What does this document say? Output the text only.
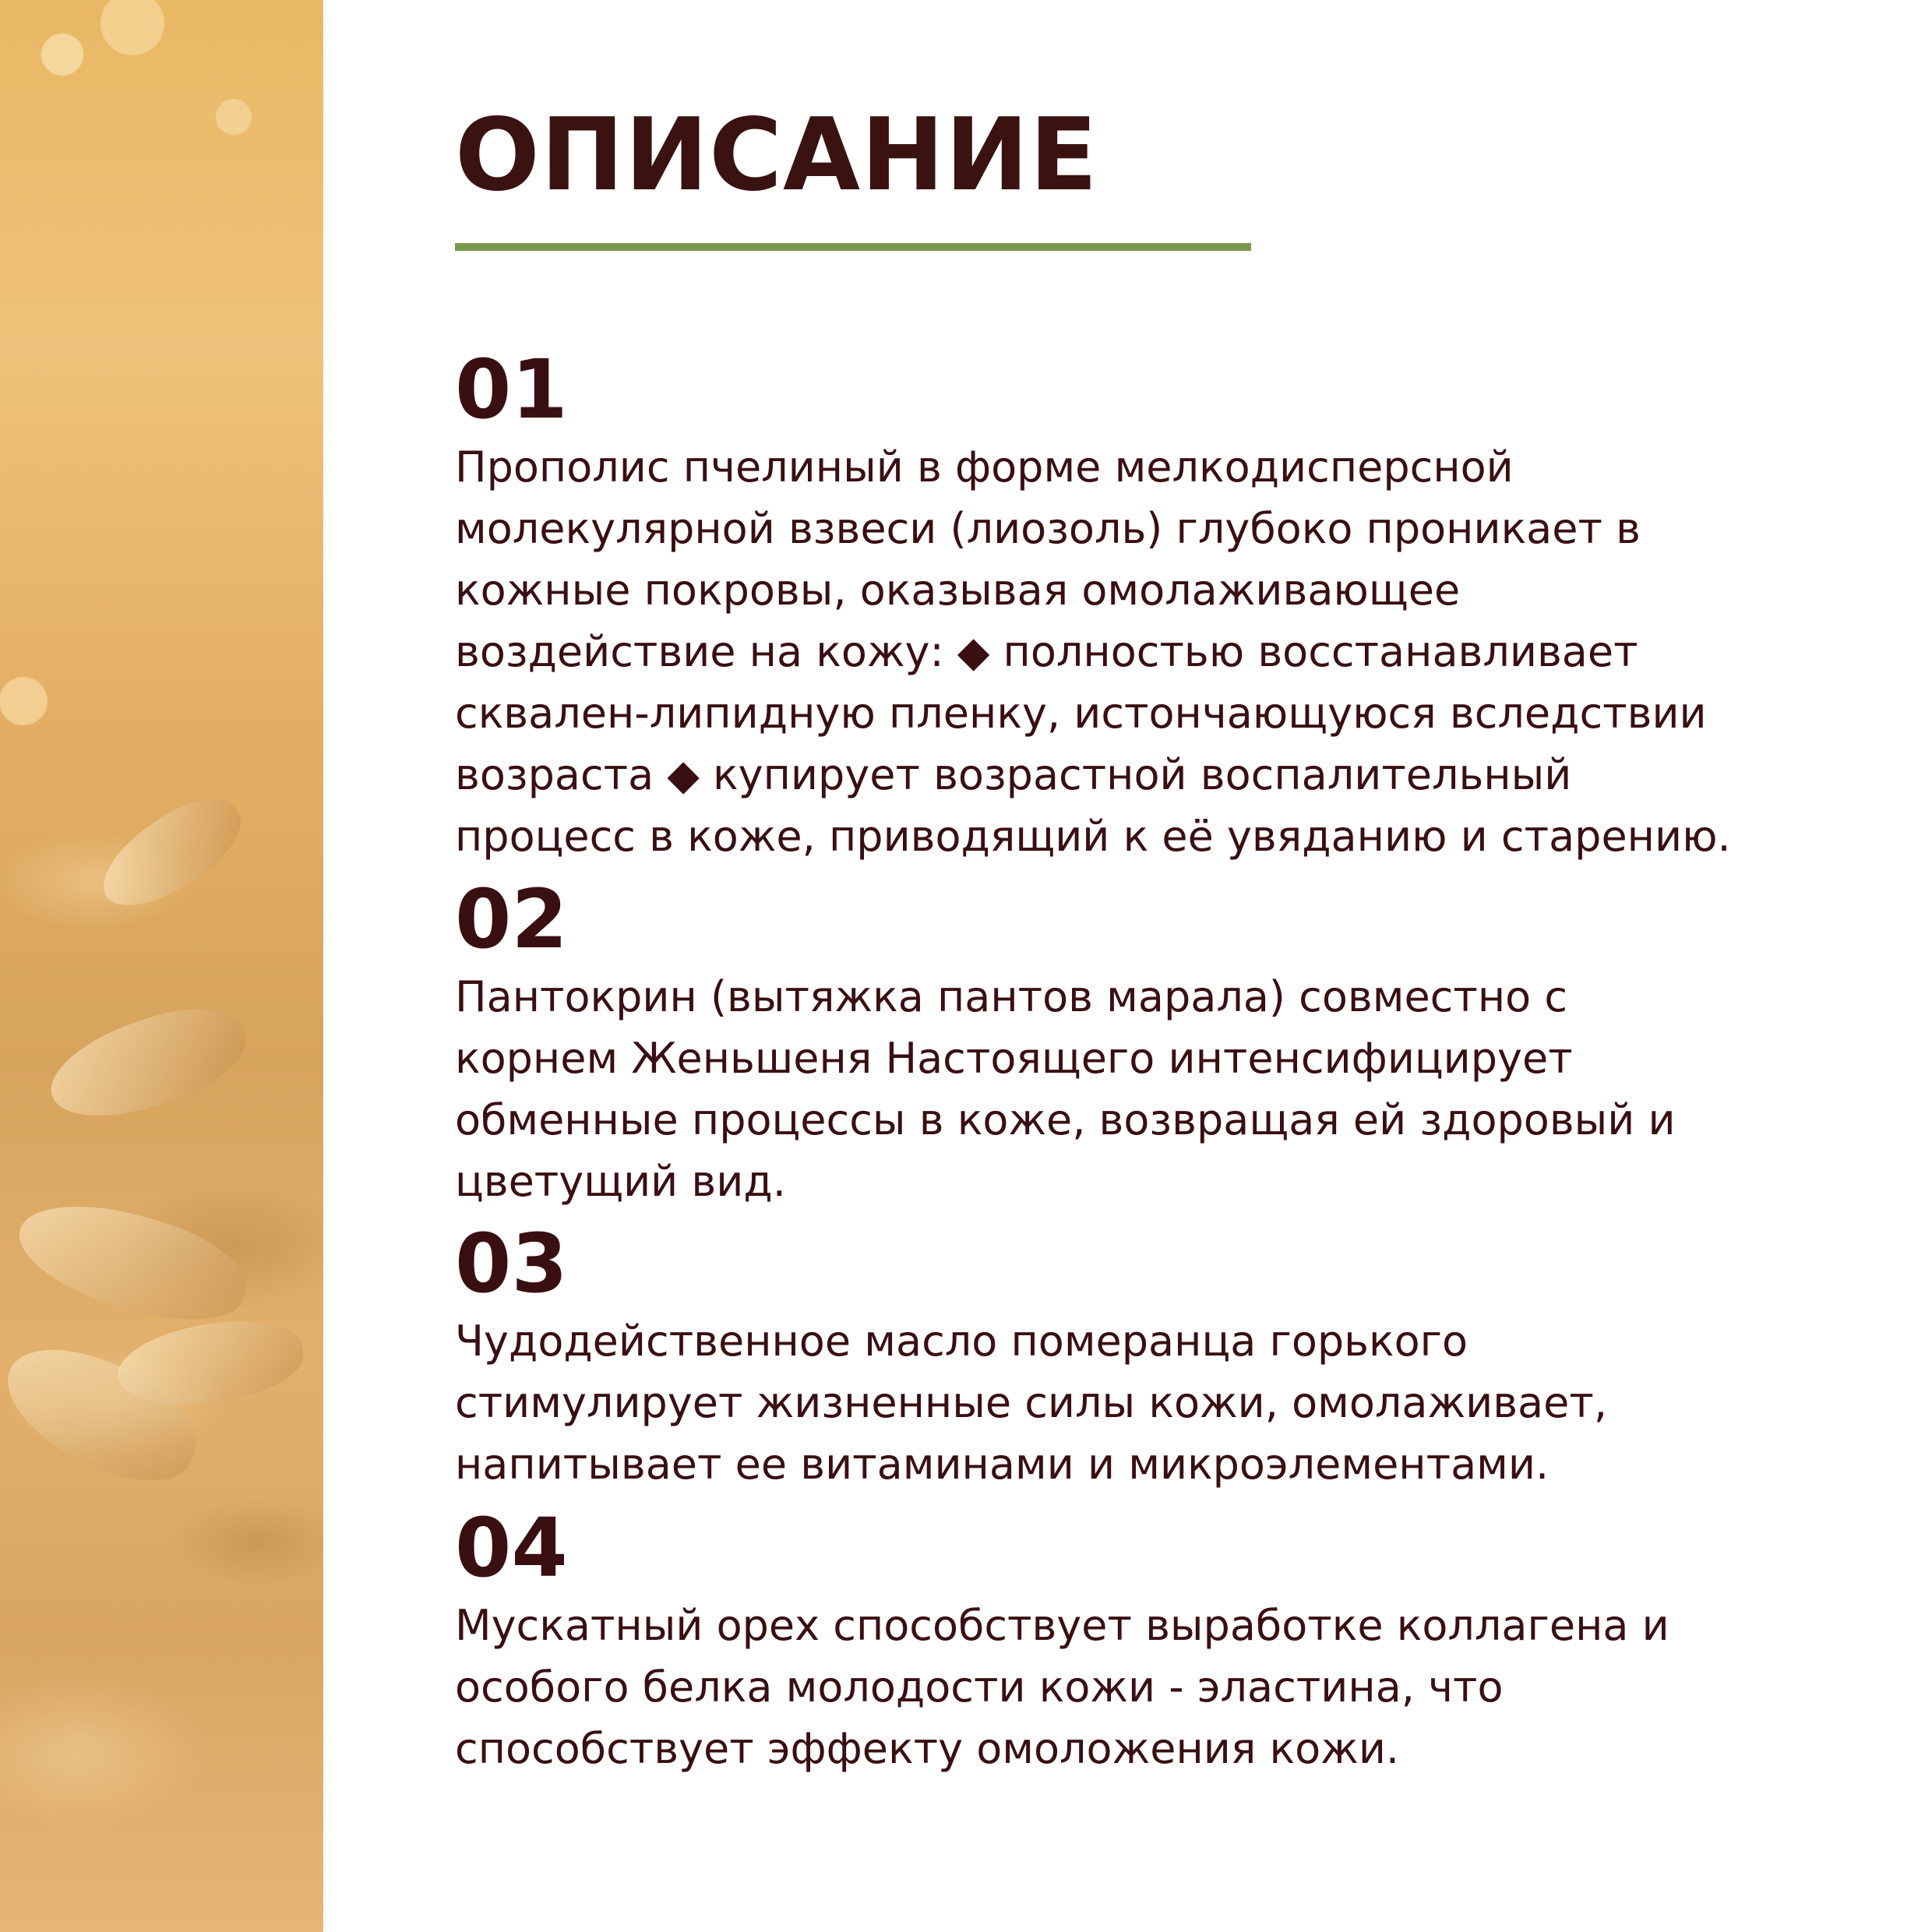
ОПИСАНИЕ
01

Прополис пчелиный в форме мелкодисперсной
молекулярной взвеси (лиозоль) глубоко проникает в
кожные покровы, оказывая омолаживающее
воздействие на кожу: ◆ полностью восстанавливает
сквален-липидную пленку, истончающуюся вследствии
возраста ◆ купирует возрастной воспалительный
процесс в коже, приводящий к её увяданию и старению.

02

Пантокрин (вытяжка пантов марала) совместно с
корнем Женьшеня Настоящего интенсифицирует
обменные процессы в коже, возвращая ей здоровый и
цветущий вид.

03

Чудодейственное масло померанца горького
стимулирует жизненные силы кожи, омолаживает,
напитывает ее витаминами и микроэлементами.

04

Мускатный орех способствует выработке коллагена и
особого белка молодости кожи - эластина, что
способствует эффекту омоложения кожи.
